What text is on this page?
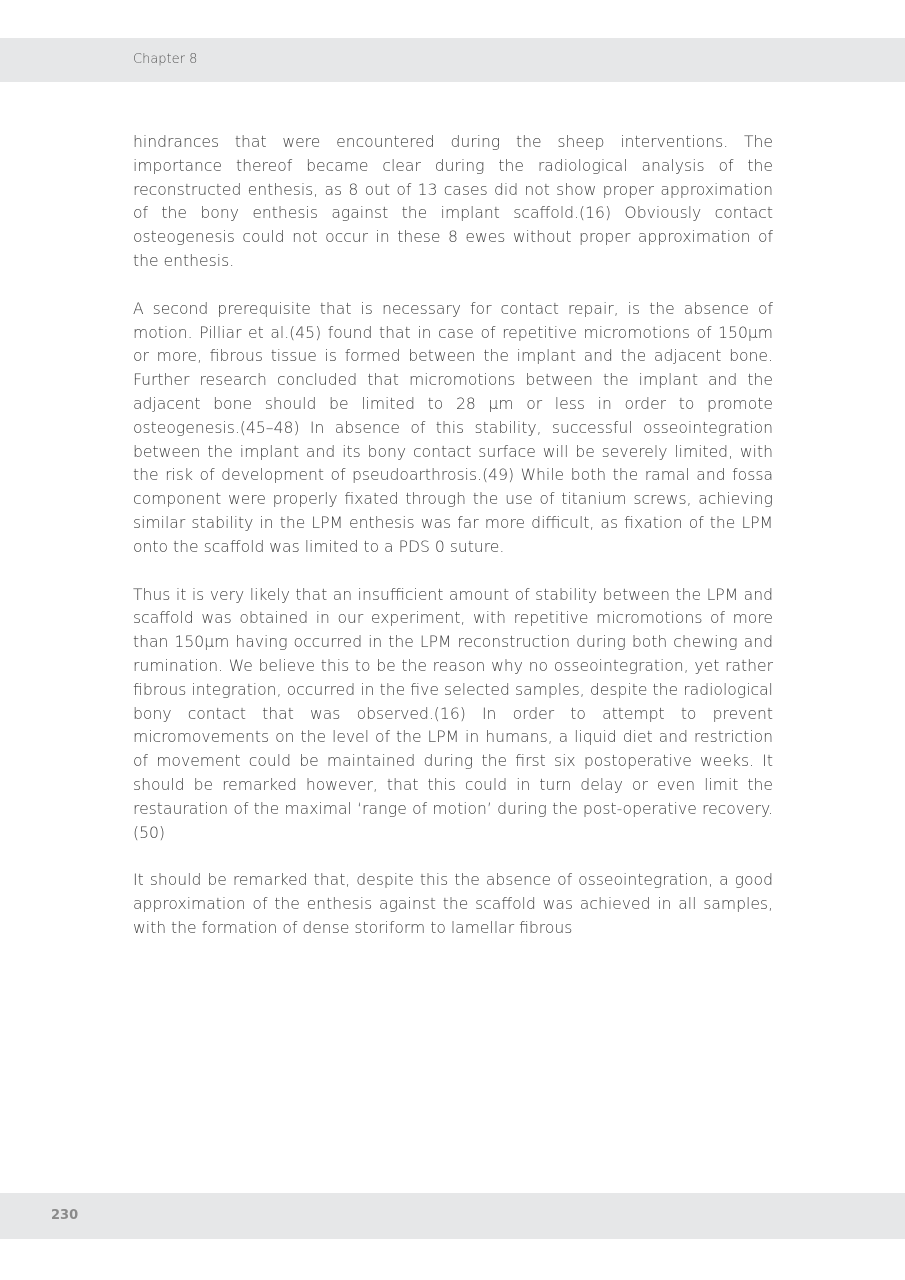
Chapter 8

hindrances that were encountered during the sheep interventions. The importance thereof became clear during the radiological analysis of the reconstructed enthesis, as 8 out of 13 cases did not show proper approximation of the bony enthesis against the implant scaffold.(16) Obviously contact osteogenesis could not occur in these 8 ewes without proper approximation of the enthesis.

A second prerequisite that is necessary for contact repair, is the absence of motion. Pilliar et al.(45) found that in case of repetitive micromotions of 150µm or more, fibrous tissue is formed between the implant and the adjacent bone. Further research concluded that micromotions between the implant and the adjacent bone should be limited to 28 µm or less in order to promote osteogenesis.(45–48) In absence of this stability, successful osseointegration between the implant and its bony contact surface will be severely limited, with the risk of development of pseudoarthrosis.(49) While both the ramal and fossa component were properly fixated through the use of titanium screws, achieving similar stability in the LPM enthesis was far more difficult, as fixation of the LPM onto the scaffold was limited to a PDS 0 suture.

Thus it is very likely that an insufficient amount of stability between the LPM and scaffold was obtained in our experiment, with repetitive micromotions of more than 150µm having occurred in the LPM reconstruction during both chewing and rumination. We believe this to be the reason why no osseointegration, yet rather fibrous integration, occurred in the five selected samples, despite the radiological bony contact that was observed.(16) In order to attempt to prevent micromovements on the level of the LPM in humans, a liquid diet and restriction of movement could be maintained during the first six postoperative weeks. It should be remarked however, that this could in turn delay or even limit the restauration of the maximal ‘range of motion’ during the post-operative recovery.(50)

It should be remarked that, despite this the absence of osseointegration, a good approximation of the enthesis against the scaffold was achieved in all samples, with the formation of dense storiform to lamellar fibrous

230
